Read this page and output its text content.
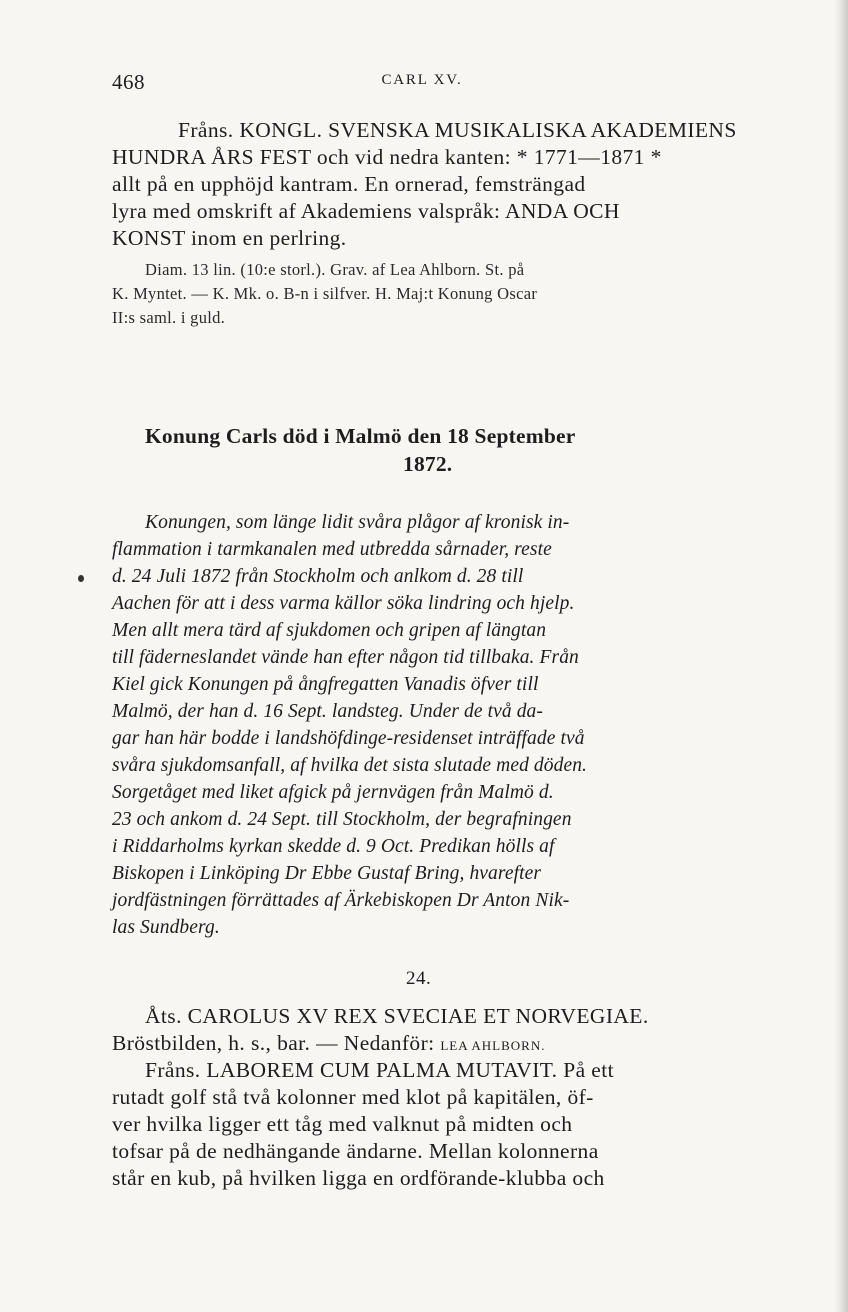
468	CARL XV.
Fråns. KONGL. SVENSKA MUSIKALISKA AKADEMIENS
HUNDRA ÅRS FEST och vid nedra kanten: * 1771—1871 *
allt på en upphöjd kantram. En ornerad, femsträngad
lyra med omskrift af Akademiens valspråk: ANDA OCH
KONST inom en perlring.
Diam. 13 lin. (10:e storl.). Grav. af Lea Ahlborn. St. på
K. Myntet. — K. Mk. o. B-n i silfver. H. Maj:t Konung Oscar
II:s saml. i guld.
Konung Carls död i Malmö den 18 September
1872.
Konungen, som länge lidit svåra plågor af kronisk in-
flammation i tarmkanalen med utbredda sårnader, reste
d. 24 Juli 1872 från Stockholm och anlkom d. 28 till
Aachen för att i dess varma källor söka lindring och hjelp.
Men allt mera tärd af sjukdomen och gripen af längtan
till fäderneslandet vände han efter någon tid tillbaka. Från
Kiel gick Konungen på ångfregatten Vanadis öfver till
Malmö, der han d. 16 Sept. landsteg. Under de två da-
gar han här bodde i landshöfdinge-residenset inträffade två
svåra sjukdomsanfall, af hvilka det sista slutade med döden.
Sorgetåget med liket afgick på jernvägen från Malmö d.
23 och ankom d. 24 Sept. till Stockholm, der begrafningen
i Riddarholms kyrkan skedde d. 9 Oct. Predikan hölls af
Biskopen i Linköping Dr Ebbe Gustaf Bring, hvarefter
jordfästningen förrättades af Ärkebiskopen Dr Anton Nik-
las Sundberg.
24.
Åts. CAROLUS XV REX SVECIAE ET NORVEGIAE.
Bröstbilden, h. s., bar. — Nedanför: LEA AHLBORN.
Fråns. LABOREM CUM PALMA MUTAVIT. På ett
rutadt golf stå två kolonner med klot på kapitälen, öf-
ver hvilka ligger ett tåg med valknut på midten och
tofsar på de nedhängande ändarne. Mellan kolonnerna
står en kub, på hvilken ligga en ordförande-klubba och
